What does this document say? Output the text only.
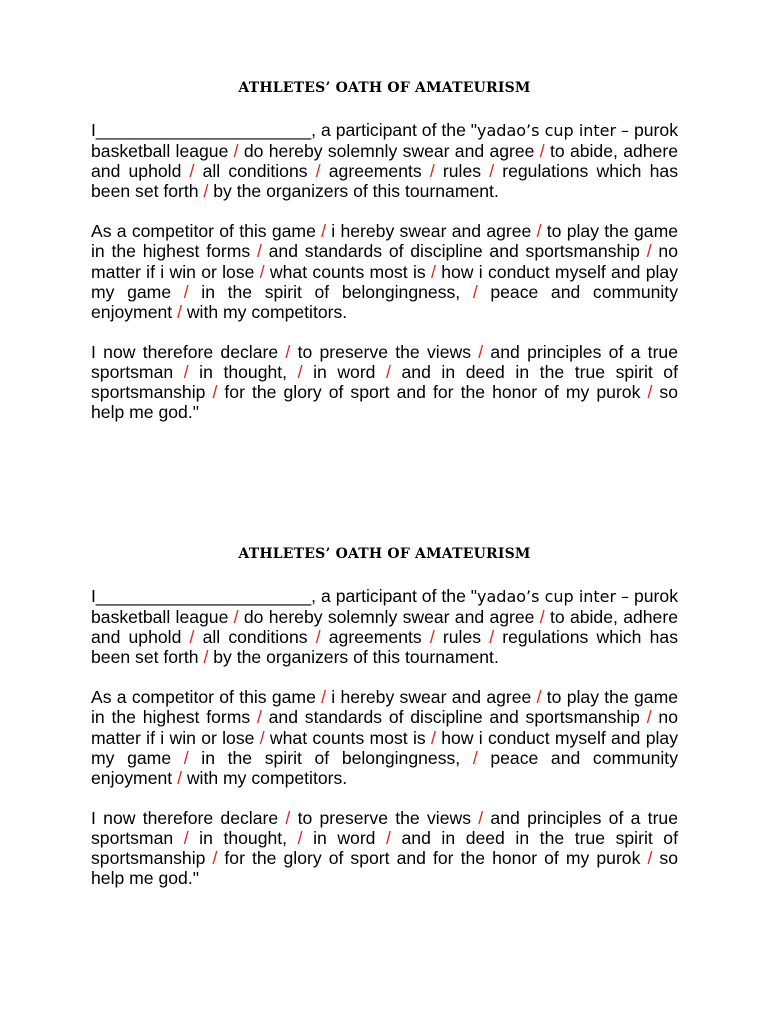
ATHLETES’ OATH OF AMATEURISM

I______________________, a participant of the "yadao’s cup inter – purok basketball league / do hereby solemnly swear and agree / to abide, adhere and uphold / all conditions / agreements / rules / regulations which has been set forth / by the organizers of this tournament.

As a competitor of this game / i hereby swear and agree / to play the game in the highest forms / and standards of discipline and sportsmanship / no matter if i win or lose / what counts most is / how i conduct myself and play my game / in the spirit of belongingness, / peace and community enjoyment / with my competitors.

I now therefore declare / to preserve the views / and principles of a true sportsman / in thought, / in word / and in deed in the true spirit of sportsmanship / for the glory of sport and for the honor of my purok / so help me god."

ATHLETES’ OATH OF AMATEURISM

I______________________, a participant of the "yadao’s cup inter – purok basketball league / do hereby solemnly swear and agree / to abide, adhere and uphold / all conditions / agreements / rules / regulations which has been set forth / by the organizers of this tournament.

As a competitor of this game / i hereby swear and agree / to play the game in the highest forms / and standards of discipline and sportsmanship / no matter if i win or lose / what counts most is / how i conduct myself and play my game / in the spirit of belongingness, / peace and community enjoyment / with my competitors.

I now therefore declare / to preserve the views / and principles of a true sportsman / in thought, / in word / and in deed in the true spirit of sportsmanship / for the glory of sport and for the honor of my purok / so help me god."
